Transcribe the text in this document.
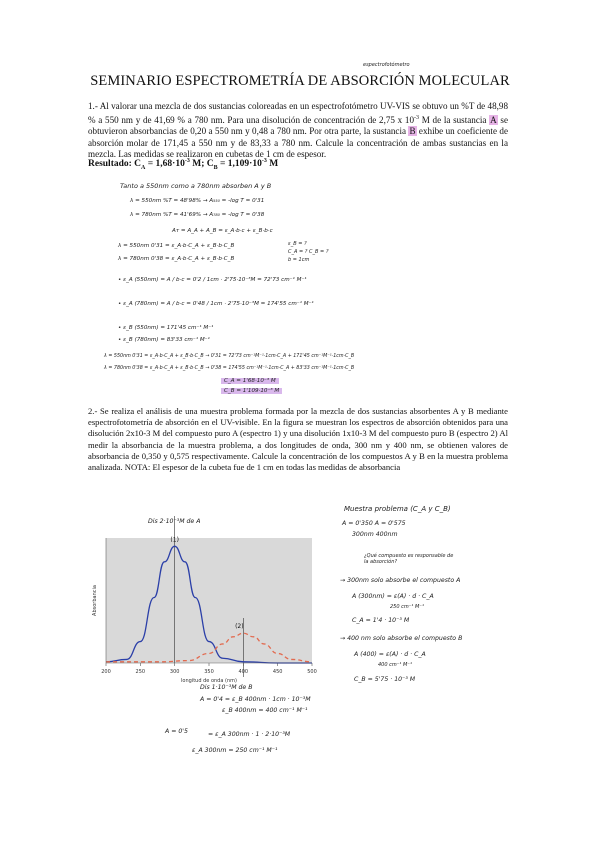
espectrofotómetro
SEMINARIO ESPECTROMETRÍA DE ABSORCIÓN MOLECULAR
1.- Al valorar una mezcla de dos sustancias coloreadas en un espectrofotómetro UV-VIS se obtuvo un %T de 48,98 % a 550 nm y de 41,69 % a 780 nm. Para una disolución de concentración de 2,75 x $10^{-3}$ M de la sustancia A se obtuvieron absorbancias de 0,20 a 550 nm y 0,48 a 780 nm. Por otra parte, la sustancia B exhibe un coeficiente de absorción molar de 171,45 a 550 nm y de 83,33 a 780 nm. Calcule la concentración de ambas sustancias en la mezcla. Las medidas se realizaron en cubetas de 1 cm de espesor.
Resultado: $C_A = 1,68\cdot 10^{-3}$ M; $C_B = 1,109\cdot 10^{-3}$ M
Tanto a 550nm como a 780nm absorben A y B
λ = 550nm %T = 48'98% → A₅₅₀ = -log T = 0'31
λ = 780nm %T = 41'69% → A₇₈₀ = -log T = 0'38
Aᴛ = A_A + A_B = ε_A·b·c + ε_B·b·c
λ = 550nm 0'31 = ε_A·b·C_A + ε_B·b·C_B
λ = 780nm 0'38 = ε_A·b·C_A + ε_B·b·C_B
ε_B = ?
C_A = ? C_B = ?
b = 1cm
• ε_A (550nm) = A / b·c = 0'2 / 1cm · 2'75·10⁻³M = 72'73 cm⁻¹ M⁻¹
• ε_A (780nm) = A / b·c = 0'48 / 1cm · 2'75·10⁻³M = 174'55 cm⁻¹ M⁻¹
• ε_B (550nm) = 171'45 cm⁻¹ M⁻¹
• ε_B (780nm) = 83'33 cm⁻¹ M⁻¹
λ = 550nm 0'31 = ε_A·b·C_A + ε_B·b·C_B → 0'31 = 72'73 cm⁻¹M⁻¹·1cm·C_A + 171'45 cm⁻¹M⁻¹·1cm·C_B
λ = 780nm 0'38 = ε_A·b·C_A + ε_B·b·C_B → 0'38 = 174'55 cm⁻¹M⁻¹·1cm·C_A + 83'33 cm⁻¹M⁻¹·1cm·C_B
C_A = 1'68·10⁻³ M
C_B = 1'109·10⁻³ M
2.- Se realiza el análisis de una muestra problema formada por la mezcla de dos sustancias absorbentes A y B mediante espectrofotometría de absorción en el UV-visible. En la figura se muestran los espectros de absorción obtenidos para una disolución 2x10-3 M del compuesto puro A (espectro 1) y una disolución 1x10-3 M del compuesto puro B (espectro 2) Al medir la absorbancia de la muestra problema, a dos longitudes de onda, 300 nm y 400 nm, se obtienen valores de absorbancia de 0,350 y 0,575 respectivamente. Calcule la concentración de los compuestos A y B en la muestra problema analizada. NOTA: El espesor de la cubeta fue de 1 cm en todas las medidas de absorbancia
200	250	300	350	400	450	500
longitud de onda (nm)
Absorbancia
(1)
(2)
Dis 2·10⁻³M de A
Dis 1·10⁻³M de B
A = 0'5	= ε_A 300nm · 1 · 2·10⁻³M
ε_A 300nm = 250 cm⁻¹ M⁻¹
A = 0'4 = ε_B 400nm · 1cm · 10⁻³M
ε_B 400nm = 400 cm⁻¹ M⁻¹
Muestra problema (C_A y C_B)
A = 0'350 A = 0'575
300nm 400nm
¿Qué compuesto es responsable de la absorción?
→ 300nm solo absorbe el compuesto A
A (300nm) = ε(A) · d · C_A
250 cm⁻¹ M⁻¹
C_A = 1'4 · 10⁻³ M
→ 400 nm solo absorbe el compuesto B
A (400) = ε(A) · d · C_A
400 cm⁻¹ M⁻¹
C_B = 5'75 · 10⁻³ M
